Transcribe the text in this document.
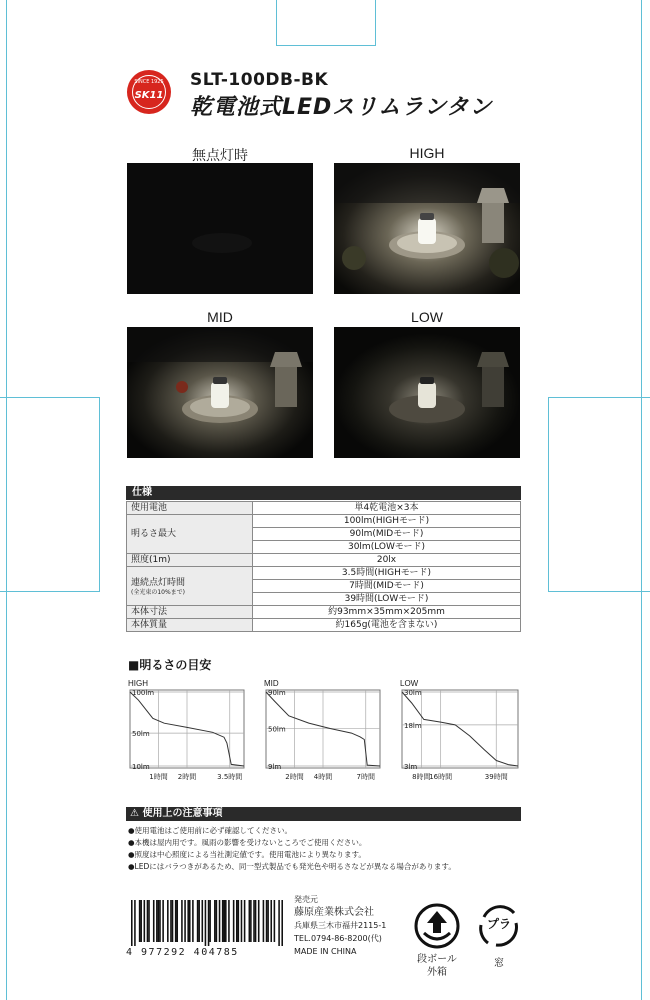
SINCE 1925
SK11
SLT-100DB-BK
乾電池式LEDスリムランタン
無点灯時	HIGH
MID	LOW
仕様
使用電池	単4乾電池×3本
明るさ最大	100lm(HIGHモード)
	90lm(MIDモード)
	30lm(LOWモード)
照度(1m)	20lx
連続点灯時間
(全光束の10%まで)	3.5時間(HIGHモード)
	7時間(MIDモード)
	39時間(LOWモード)
本体寸法	約93mm×35mm×205mm
本体質量	約165g(電池を含まない)
■明るさの目安
HIGH
1時間 2時間	3.5時間
100lm
50lm
10lm
MID
2時間 4時間	7時間
90lm
50lm
9lm
LOW
8時間
16時間	39時間
30lm
18lm
3lm
⚠ 使用上の注意事項
●使用電池はご使用前に必ず確認してください。
●本機は屋内用です。風雨の影響を受けないところでご使用ください。
●照度は中心照度による当社測定値です。使用電池により異なります。
●LEDにはバラつきがあるため、同一型式製品でも発光色や明るさなどが異なる場合があります。
4 977292 404785
発売元
藤原産業株式会社
兵庫県三木市福井2115-1
TEL.0794-86-8200(代)
MADE IN CHINA
段ボール
外箱
プラ
窓
